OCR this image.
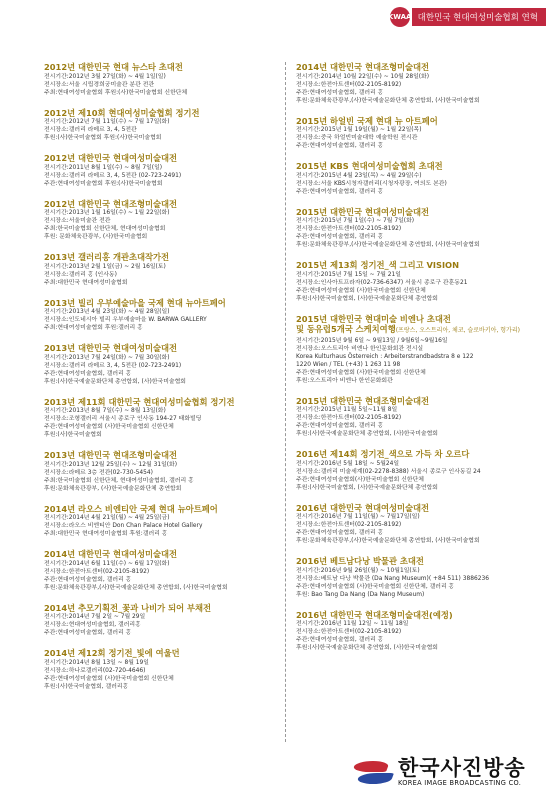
KWAA 대한민국 현대여성미술협회 연혁
2012년 대한민국 현대 뉴스타 초대전
전시기간:2012년 3월 27일(화) ~ 4월 1일(일)
전시장소:서울 시립경희궁미술관 분관 전관
주최:현대여성미술협회 후원:(사)한국미술협회 신한단체
2012년 제10회 현대여성미술협회 정기전
전시기간:2012년 7월 11일(수) ~ 7월 17일(화)
전시장소:갤러리 라메르 3, 4, 5전관
후원:(사)한국미술협회 후원:(사)한국미술협회
2012년 대한민국 현대여성미술대전
전시기간:2011년 8월 1일(수) ~ 8월 7일(일)
전시장소:갤러리 라메르 3, 4, 5전관 (02-723-2491)
주관:현대여성미술협회 후원:(사)한국미술협회
2012년 대한민국 현대조형미술대전
전시기간:2013년 1월 16일(수) ~ 1월 22일(화)
전시장소:서울미술관 전관
주최:한국미술협회 신한단체, 현대여성미술협회
후원: 문화체육관광부, (사)한국미술협회
2013년 갤러리홍 개관초대작가전
전시기간:2013년 2월 1일(금) ~ 2월 16일(토)
전시장소:갤러리 홍 (인사동)
주최:대한민국 현대여성미술협회
2013년 빌리 우부예술마을 국제 현대 뉴아트페어
전시기간:2013년 4월 23일(화) ~ 4월 28일(일)
전시장소:인도네시아 빌리 우부예술마을 W. BARWA GALLERY
주최:현대여성미술협회 후원:갤러리 홍
2013년 대한민국 현대여성미술대전
전시기간:2013년 7월 24일(화) ~ 7월 30일(화)
전시장소:갤러리 라메르 3, 4, 5전관 (02-723-2491)
주관:현대여성미술협회, 갤러리 홍
후원:(사)한국예술문화단체 총연합회, (사)한국미술협회
2013년 제11회 대한민국 현대여성미술협회 정기전
전시기간:2013년 8월 7일(수) ~ 8월 13일(화)
전시장소:조형갤러리 서울시 종로구 인사동 194-27 태화빌딩
주관:현대여성미술협회 (사)한국미술협회 신한단체
후원:(사)한국미술협회
2013년 대한민국 현대조형미술대전
전시기간:2013년 12월 25일(수) ~ 12월 31일(화)
전시장소:라메르 3층 전관(02-730-5454)
주최:한국미술협회 신한단체, 현대여성미술협회, 갤러리 홍
후원:문화체육관광부, (사)한국예술문화단체 총연합회
2014년 라오스 비엔티안 국제 현대 뉴아트페어
전시기간:2014년 4월 21일(월) ~ 4월 25일(금)
전시장소:라오스 비엔티안 Don Chan Palace Hotel Gallery
주최:대한민국 현대여성미술협회 후원:갤러리 홍
2014년 대한민국 현대여성미술대전
전시기간:2014년 6월 11일(수) ~ 6월 17일(화)
전시장소:한전아트센터(02-2105-8192)
주관:현대여성미술협회, 갤러리 홍
후원:문화체육관광부,(사)한국예술문화단체 총연합회, (사)한국미술협회
2014년 추모기획전_꽃과 나비가 되어 부채전
전시기간:2014년 7월 2일 ~ 7월 29일
전시장소:현대여성미술협회, 갤러리홍
주관:현대여성미술협회, 갤러리 홍
2014년 제12회 정기전_빛에 여울던
전시기간:2014년 8월 13일 ~ 8월 19일
전시장소:하나로갤러리(02-720-4646)
주관:현대여성미술협회 (사)한국미술협회 신한단체
후원:(사)한국미술협회, 갤러리홍
2014년 대한민국 현대조형미술대전
전시기간:2014년 10월 22일(수) ~ 10월 28일(화)
전시장소:한전아트센터(02-2105-8192)
주관:현대여성미술협회, 갤러리 홍
후원:문화체육관광부,(사)한국예술문화단체 총연합회, (사)한국미술협회
2015년 하얼빈 국제 현대 뉴 아트페어
전시기간:2015년 1월 19일(월) ~ 1월 22일(목)
전시장소:중국 하얼빈미술대학 예술학원 전시관
주관:현대여성미술협회, 갤러리 홍
2015년 KBS 현대여성미술협회 초대전
전시기간:2015년 4월 23일(목) ~ 4월 29일(수)
전시장소:서울 KBS시청자갤러리(시청자광장, 여의도 본관)
주관:현대여성미술협회, 갤러리 홍
2015년 대한민국 현대여성미술대전
전시기간:2015년 7월 1일(수) ~ 7월 7일(화)
전시장소:한전아트센터(02-2105-8192)
주관:현대여성미술협회, 갤러리 홍
후원:문화체육관광부,(사)한국예술문화단체 총연합회, (사)한국미술협회
2015년 제13회 정기전_색 그리고 VISION
전시기간:2015년 7월 15일 ~ 7월 21일
전시장소:인사아트프라자(02-736-6347) 서울시 종로구 관훈동21
주관:현대여성미술협회 (사)한국미술협회 신한단체
후원:(사)한국미술협회, (사)한국예술문화단체 총연합회
2015년 대한민국 현대미술 비엔나 초대전
및 동유럽5개국 스케치여행(프랑스, 오스트리아, 체코, 슬로바키아, 헝가리)
전시기간:2015년 9월 6일 ~ 9월13일 / 9월6일~9월16일
전시장소:오스트리아 비엔나 한인문화회관 전시실
Korea Kulturhaus Österreich : Arbeiterstrandbadstra 8 e 122
1220 Wien / TEL (+43) 1 263 11 98
주관:현대여성미술협회 (사)한국미술협회 신한단체
후원:오스트리아 비엔나 한인문화회관
2015년 대한민국 현대조형미술대전
전시기간:2015년 11월 5일~11월 8일
전시장소:한전아트센터(02-2105-8192)
주관:현대여성미술협회, 갤러리 홍
후원:(사)한국예술문화단체 총연합회, (사)한국미술협회
2016년 제14회 정기전_색으로 가득 차 오르다
전시기간:2016년 5월 18일 ~ 5월24일
전시장소:갤러리 미술세계(02-2278-8388) 서울시 종로구 인사동길 24
주관:현대여성미술협회(사)한국미술협회 신한단체
후원:(사)한국미술협회, (사)한국예술문화단체 총연합회
2016년 대한민국 현대여성미술대전
전시기간:2016년 7월 11일(월) ~ 7월17일(일)
전시장소:한전아트센터(02-2105-8192)
주관:현대여성미술협회, 갤러리 홍
후원:문화체육관광부,(사)한국예술문화단체 총연합회, (사)한국미술협회
2016년 베트남다낭 박물관 초대전
전시기간:2016년 9월 26일(월) ~ 10월1일(토)
전시장소:베트남 다낭 박물관 (Da Nang Museum)( +84 511) 3886236
주관:현대여성미술협회 (사)한국미술협회 신한단체, 갤러리 홍
후원: Bao Tang Da Nang (Da Nang Museum)
2016년 대한민국 현대조형미술대전(예정)
전시기간:2016년 11월 12일 ~ 11월 18일
전시장소:한전아트센터(02-2105-8192)
주관:현대여성미술협회, 갤러리 홍
후원:(사)한국예술문화단체 총연합회, (사)한국미술협회
한국사진방송
KOREA IMAGE BROADCASTING CO.
